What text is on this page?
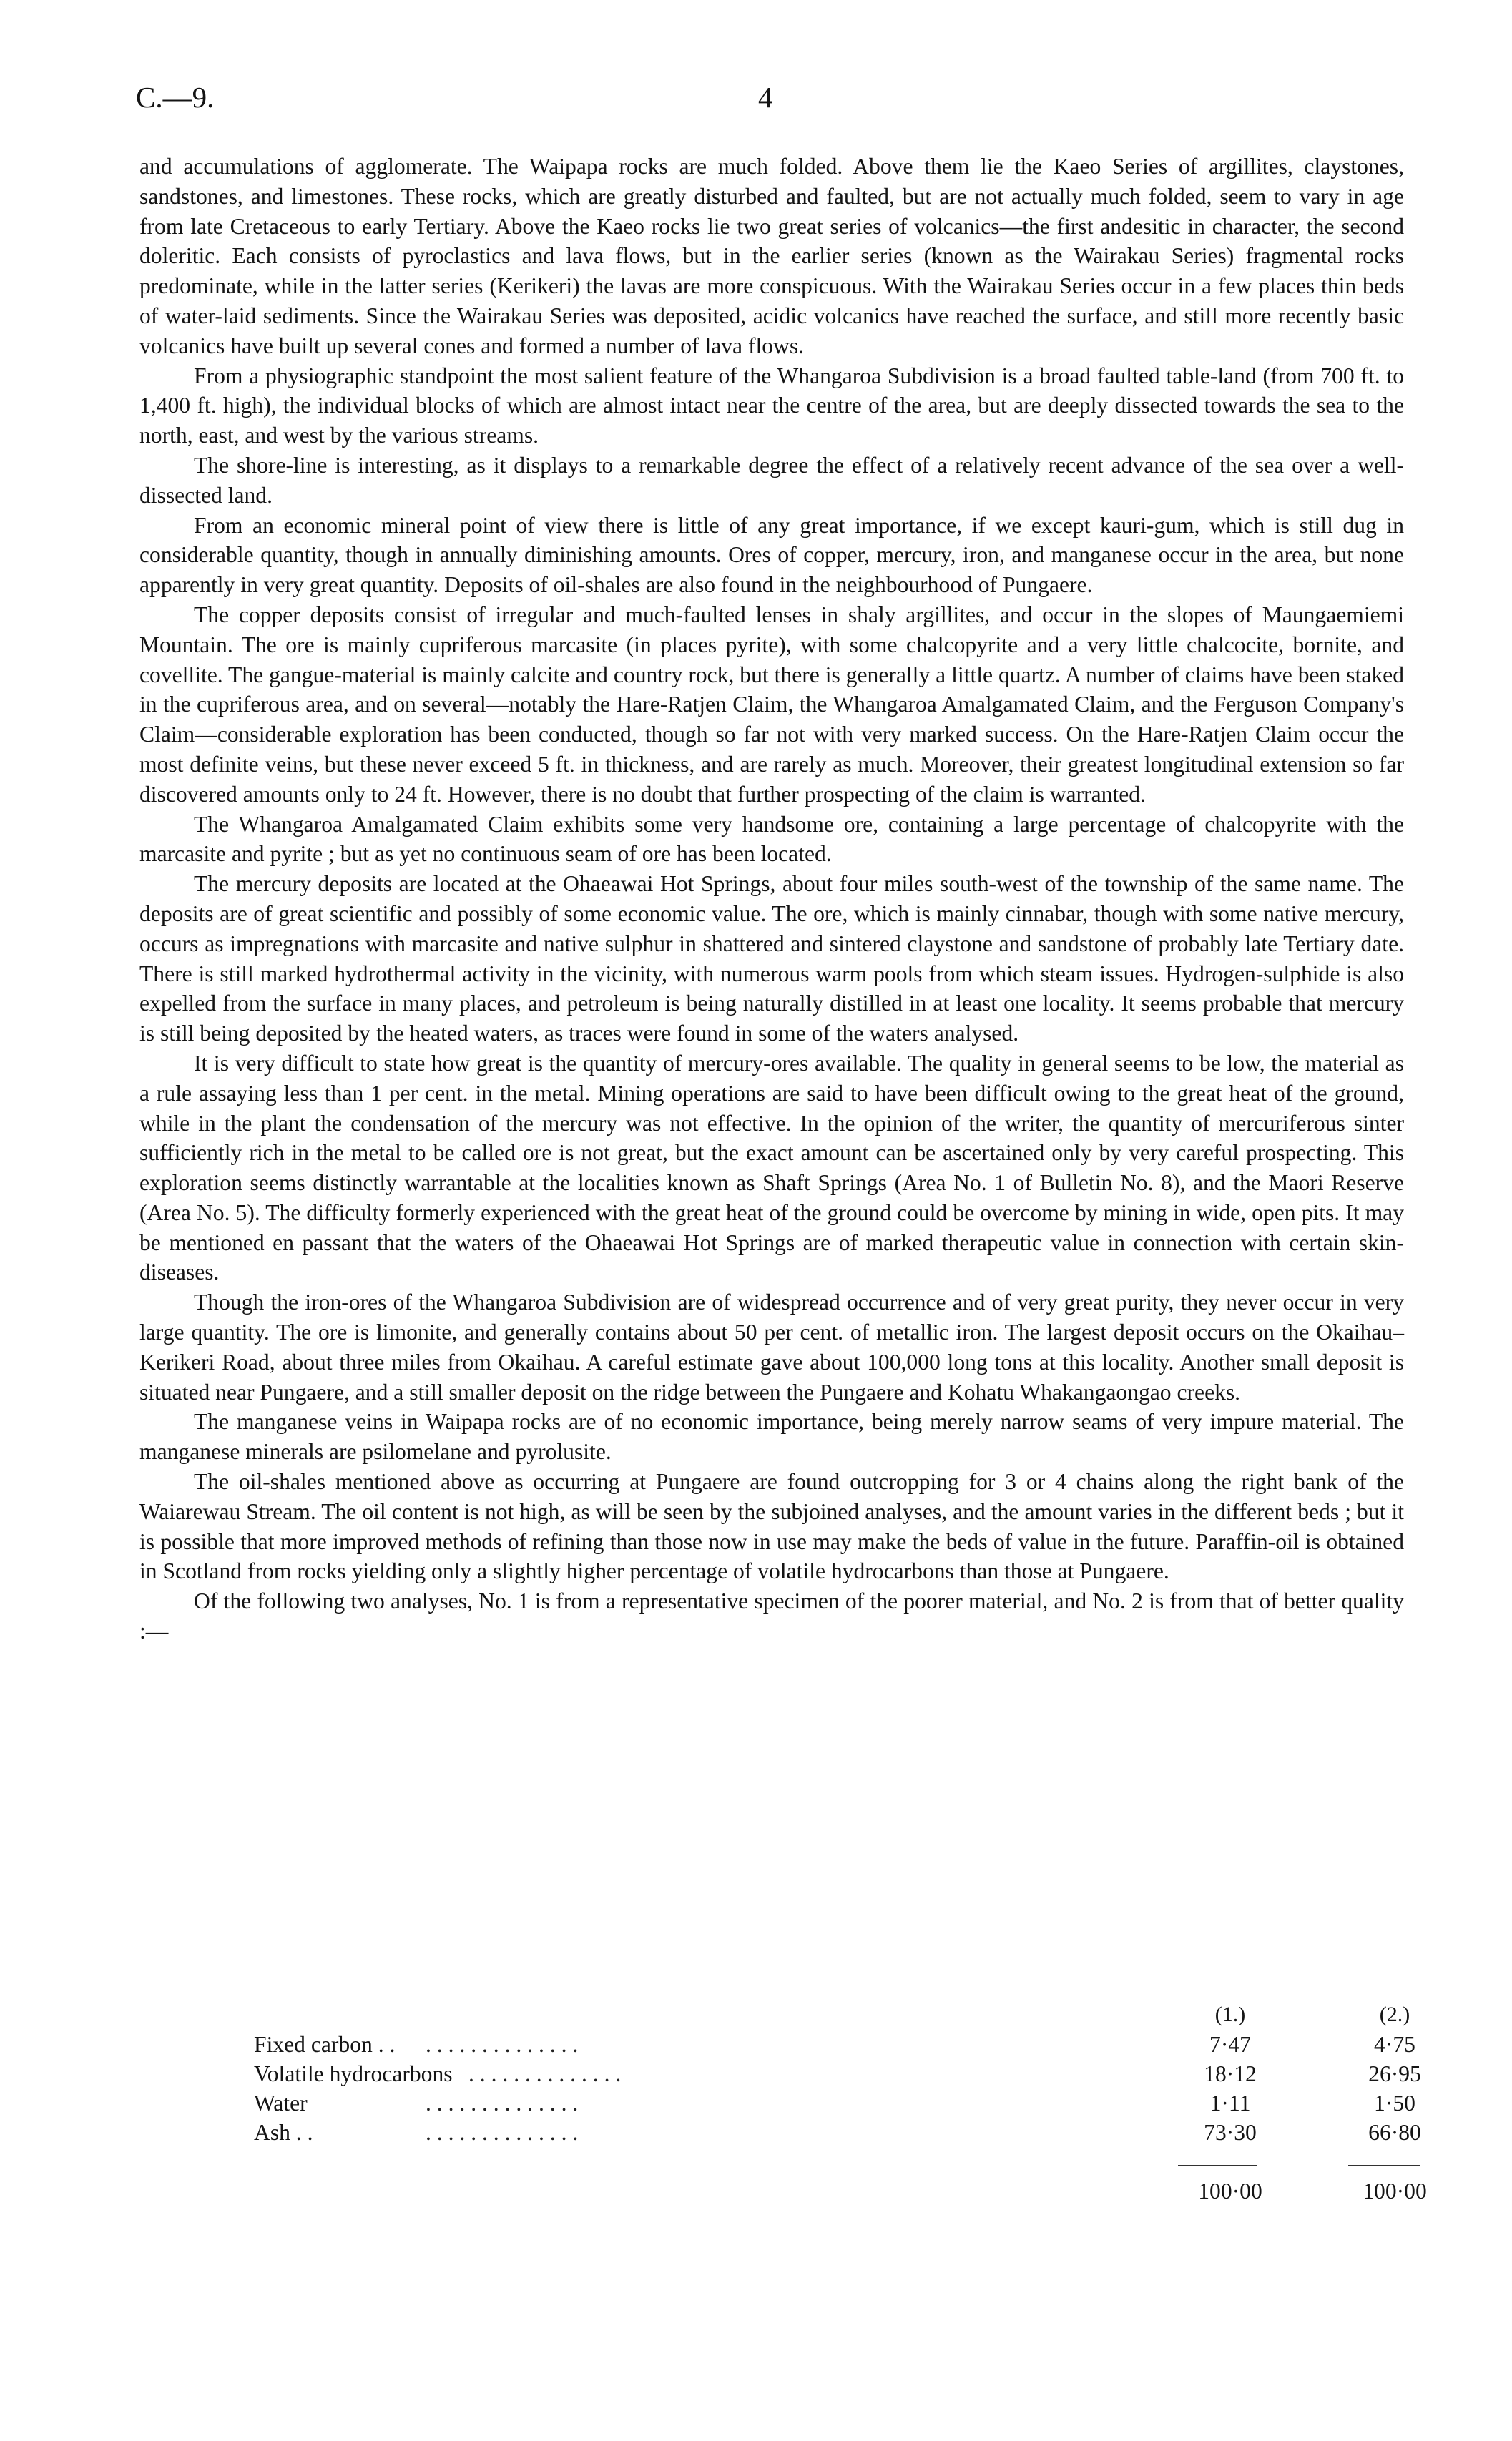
C.—9.	4

and accumulations of agglomerate. The Waipapa rocks are much folded. Above them lie the Kaeo Series of argillites, claystones, sandstones, and limestones. These rocks, which are greatly disturbed and faulted, but are not actually much folded, seem to vary in age from late Cretaceous to early Tertiary. Above the Kaeo rocks lie two great series of volcanics—the first andesitic in character, the second doleritic. Each consists of pyroclastics and lava flows, but in the earlier series (known as the Wairakau Series) fragmental rocks predominate, while in the latter series (Kerikeri) the lavas are more conspicuous. With the Wairakau Series occur in a few places thin beds of water-laid sediments. Since the Wairakau Series was deposited, acidic volcanics have reached the surface, and still more recently basic volcanics have built up several cones and formed a number of lava flows.

From a physiographic standpoint the most salient feature of the Whangaroa Subdivision is a broad faulted table-land (from 700 ft. to 1,400 ft. high), the individual blocks of which are almost intact near the centre of the area, but are deeply dissected towards the sea to the north, east, and west by the various streams.

The shore-line is interesting, as it displays to a remarkable degree the effect of a relatively recent advance of the sea over a well-dissected land.

From an economic mineral point of view there is little of any great importance, if we except kauri-gum, which is still dug in considerable quantity, though in annually diminishing amounts. Ores of copper, mercury, iron, and manganese occur in the area, but none apparently in very great quantity. Deposits of oil-shales are also found in the neighbourhood of Pungaere.

The copper deposits consist of irregular and much-faulted lenses in shaly argillites, and occur in the slopes of Maungaemiemi Mountain. The ore is mainly cupriferous marcasite (in places pyrite), with some chalcopyrite and a very little chalcocite, bornite, and covellite. The gangue-material is mainly calcite and country rock, but there is generally a little quartz. A number of claims have been staked in the cupriferous area, and on several—notably the Hare-Ratjen Claim, the Whangaroa Amalgamated Claim, and the Ferguson Company's Claim—considerable exploration has been conducted, though so far not with very marked success. On the Hare-Ratjen Claim occur the most definite veins, but these never exceed 5 ft. in thickness, and are rarely as much. Moreover, their greatest longitudinal extension so far discovered amounts only to 24 ft. However, there is no doubt that further prospecting of the claim is warranted.

The Whangaroa Amalgamated Claim exhibits some very handsome ore, containing a large percentage of chalcopyrite with the marcasite and pyrite ; but as yet no continuous seam of ore has been located.

The mercury deposits are located at the Ohaeawai Hot Springs, about four miles south-west of the township of the same name. The deposits are of great scientific and possibly of some economic value. The ore, which is mainly cinnabar, though with some native mercury, occurs as impregnations with marcasite and native sulphur in shattered and sintered claystone and sandstone of probably late Tertiary date. There is still marked hydrothermal activity in the vicinity, with numerous warm pools from which steam issues. Hydrogen-sulphide is also expelled from the surface in many places, and petroleum is being naturally distilled in at least one locality. It seems probable that mercury is still being deposited by the heated waters, as traces were found in some of the waters analysed.

It is very difficult to state how great is the quantity of mercury-ores available. The quality in general seems to be low, the material as a rule assaying less than 1 per cent. in the metal. Mining operations are said to have been difficult owing to the great heat of the ground, while in the plant the condensation of the mercury was not effective. In the opinion of the writer, the quantity of mercuriferous sinter sufficiently rich in the metal to be called ore is not great, but the exact amount can be ascertained only by very careful prospecting. This exploration seems distinctly warrantable at the localities known as Shaft Springs (Area No. 1 of Bulletin No. 8), and the Maori Reserve (Area No. 5). The difficulty formerly experienced with the great heat of the ground could be overcome by mining in wide, open pits. It may be mentioned en passant that the waters of the Ohaeawai Hot Springs are of marked therapeutic value in connection with certain skin-diseases.

Though the iron-ores of the Whangaroa Subdivision are of widespread occurrence and of very great purity, they never occur in very large quantity. The ore is limonite, and generally contains about 50 per cent. of metallic iron. The largest deposit occurs on the Okaihau–Kerikeri Road, about three miles from Okaihau. A careful estimate gave about 100,000 long tons at this locality. Another small deposit is situated near Pungaere, and a still smaller deposit on the ridge between the Pungaere and Kohatu Whakangaongao creeks.

The manganese veins in Waipapa rocks are of no economic importance, being merely narrow seams of very impure material. The manganese minerals are psilomelane and pyrolusite.

The oil-shales mentioned above as occurring at Pungaere are found outcropping for 3 or 4 chains along the right bank of the Waiarewau Stream. The oil content is not high, as will be seen by the subjoined analyses, and the amount varies in the different beds ; but it is possible that more improved methods of refining than those now in use may make the beds of value in the future. Paraffin-oil is obtained in Scotland from rocks yielding only a slightly higher percentage of volatile hydrocarbons than those at Pungaere.

Of the following two analyses, No. 1 is from a representative specimen of the poorer material, and No. 2 is from that of better quality :—

(1.)	(2.)
Fixed carbon . . . . . . . . . . . . . . . .	7·47	4·75
Volatile hydrocarbons . . . . . . . . . . . . . .	18·12	26·95
Water	. . . . . . . . . . . . . .	1·11	1·50
Ash . .	. . . . . . . . . . . . . .	73·30	66·80
100·00	100·00
